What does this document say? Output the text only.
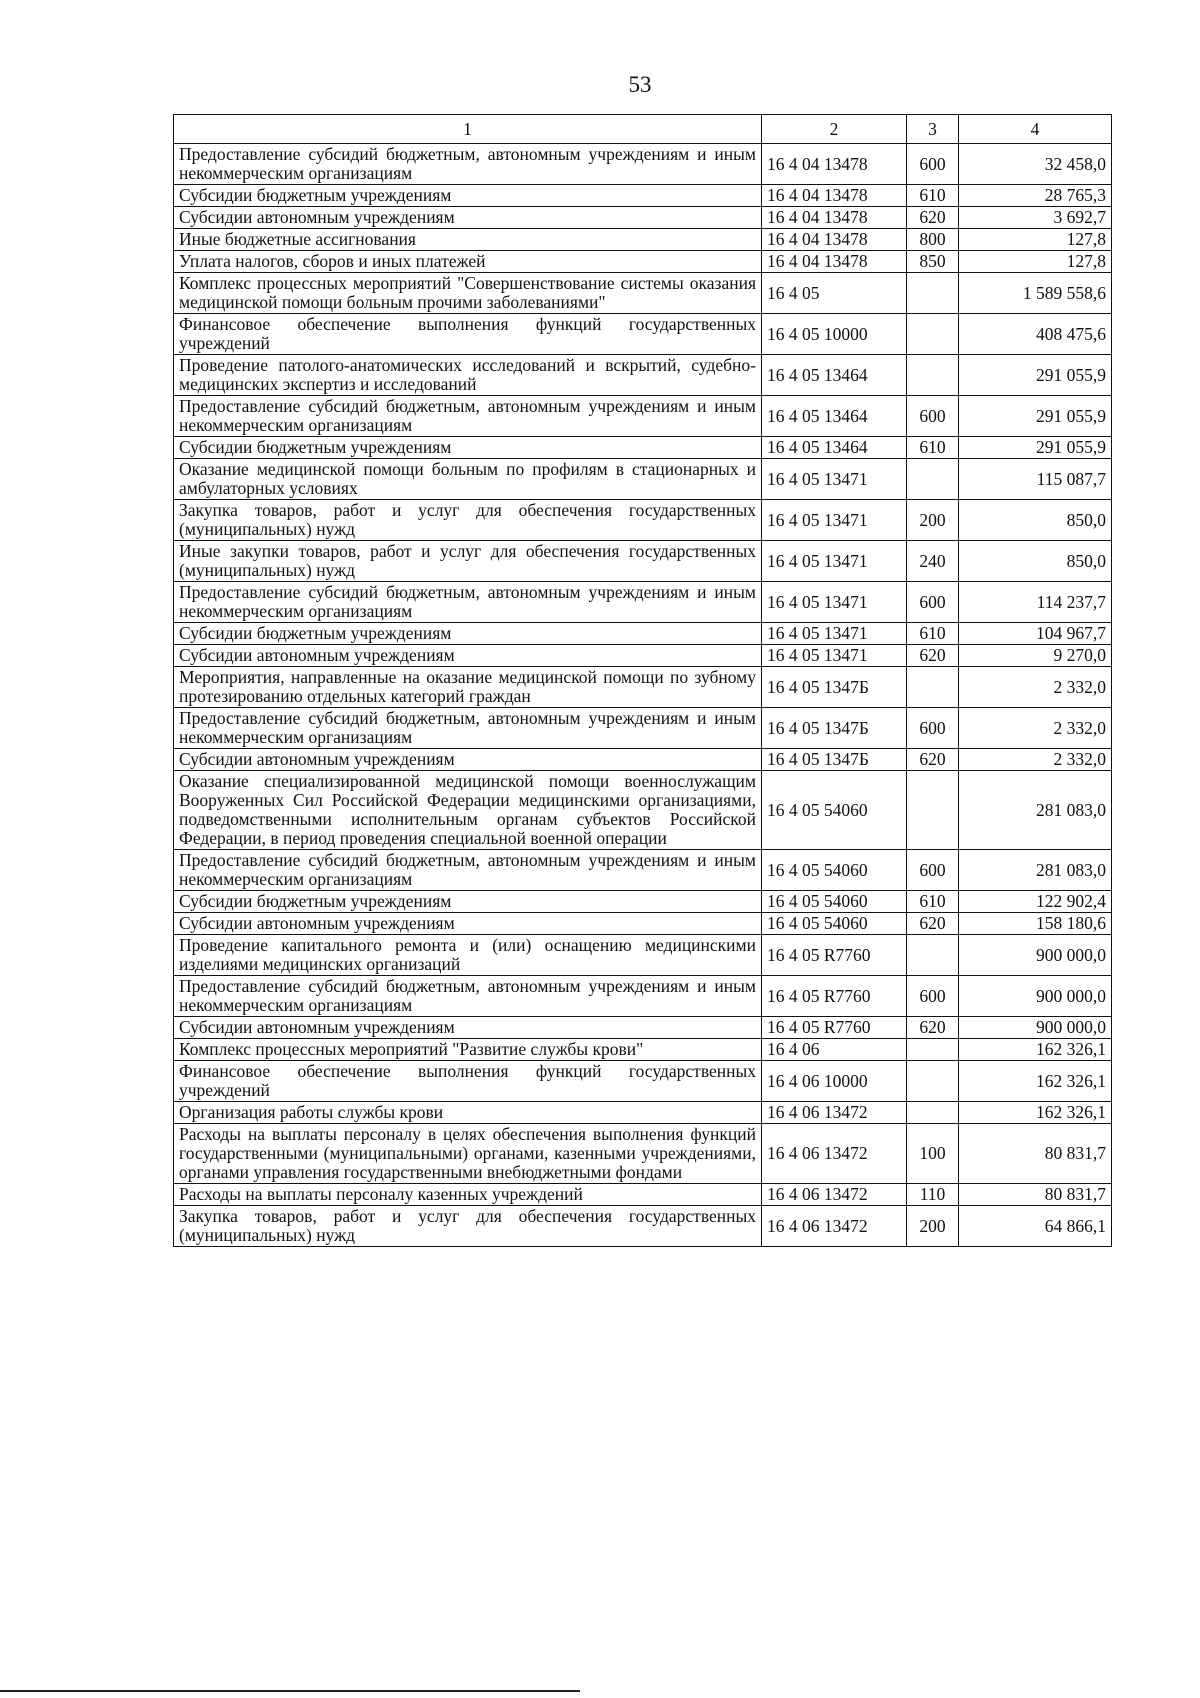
53
1	2	3	4
Предоставление субсидий бюджетным, автономным учреждениям и иным некоммерческим организациям	16 4 04 13478	600	32 458,0
Субсидии бюджетным учреждениям	16 4 04 13478	610	28 765,3
Субсидии автономным учреждениям	16 4 04 13478	620	3 692,7
Иные бюджетные ассигнования	16 4 04 13478	800	127,8
Уплата налогов, сборов и иных платежей	16 4 04 13478	850	127,8
Комплекс процессных мероприятий "Совершенствование системы оказания медицинской помощи больным прочими заболеваниями"	16 4 05		1 589 558,6
Финансовое обеспечение выполнения функций государственных учреждений	16 4 05 10000		408 475,6
Проведение патолого-анатомических исследований и вскрытий, судебно-медицинских экспертиз и исследований	16 4 05 13464		291 055,9
Предоставление субсидий бюджетным, автономным учреждениям и иным некоммерческим организациям	16 4 05 13464	600	291 055,9
Субсидии бюджетным учреждениям	16 4 05 13464	610	291 055,9
Оказание медицинской помощи больным по профилям в стационарных и амбулаторных условиях	16 4 05 13471		115 087,7
Закупка товаров, работ и услуг для обеспечения государственных (муниципальных) нужд	16 4 05 13471	200	850,0
Иные закупки товаров, работ и услуг для обеспечения государственных (муниципальных) нужд	16 4 05 13471	240	850,0
Предоставление субсидий бюджетным, автономным учреждениям и иным некоммерческим организациям	16 4 05 13471	600	114 237,7
Субсидии бюджетным учреждениям	16 4 05 13471	610	104 967,7
Субсидии автономным учреждениям	16 4 05 13471	620	9 270,0
Мероприятия, направленные на оказание медицинской помощи по зубному протезированию отдельных категорий граждан	16 4 05 1347Б		2 332,0
Предоставление субсидий бюджетным, автономным учреждениям и иным некоммерческим организациям	16 4 05 1347Б	600	2 332,0
Субсидии автономным учреждениям	16 4 05 1347Б	620	2 332,0
Оказание специализированной медицинской помощи военнослужащим Вооруженных Сил Российской Федерации медицинскими организациями, подведомственными исполнительным органам субъектов Российской Федерации, в период проведения специальной военной операции	16 4 05 54060		281 083,0
Предоставление субсидий бюджетным, автономным учреждениям и иным некоммерческим организациям	16 4 05 54060	600	281 083,0
Субсидии бюджетным учреждениям	16 4 05 54060	610	122 902,4
Субсидии автономным учреждениям	16 4 05 54060	620	158 180,6
Проведение капитального ремонта и (или) оснащению медицинскими изделиями медицинских организаций	16 4 05 R7760		900 000,0
Предоставление субсидий бюджетным, автономным учреждениям и иным некоммерческим организациям	16 4 05 R7760	600	900 000,0
Субсидии автономным учреждениям	16 4 05 R7760	620	900 000,0
Комплекс процессных мероприятий "Развитие службы крови"	16 4 06		162 326,1
Финансовое обеспечение выполнения функций государственных учреждений	16 4 06 10000		162 326,1
Организация работы службы крови	16 4 06 13472		162 326,1
Расходы на выплаты персоналу в целях обеспечения выполнения функций государственными (муниципальными) органами, казенными учреждениями, органами управления государственными внебюджетными фондами	16 4 06 13472	100	80 831,7
Расходы на выплаты персоналу казенных учреждений	16 4 06 13472	110	80 831,7
Закупка товаров, работ и услуг для обеспечения государственных (муниципальных) нужд	16 4 06 13472	200	64 866,1
